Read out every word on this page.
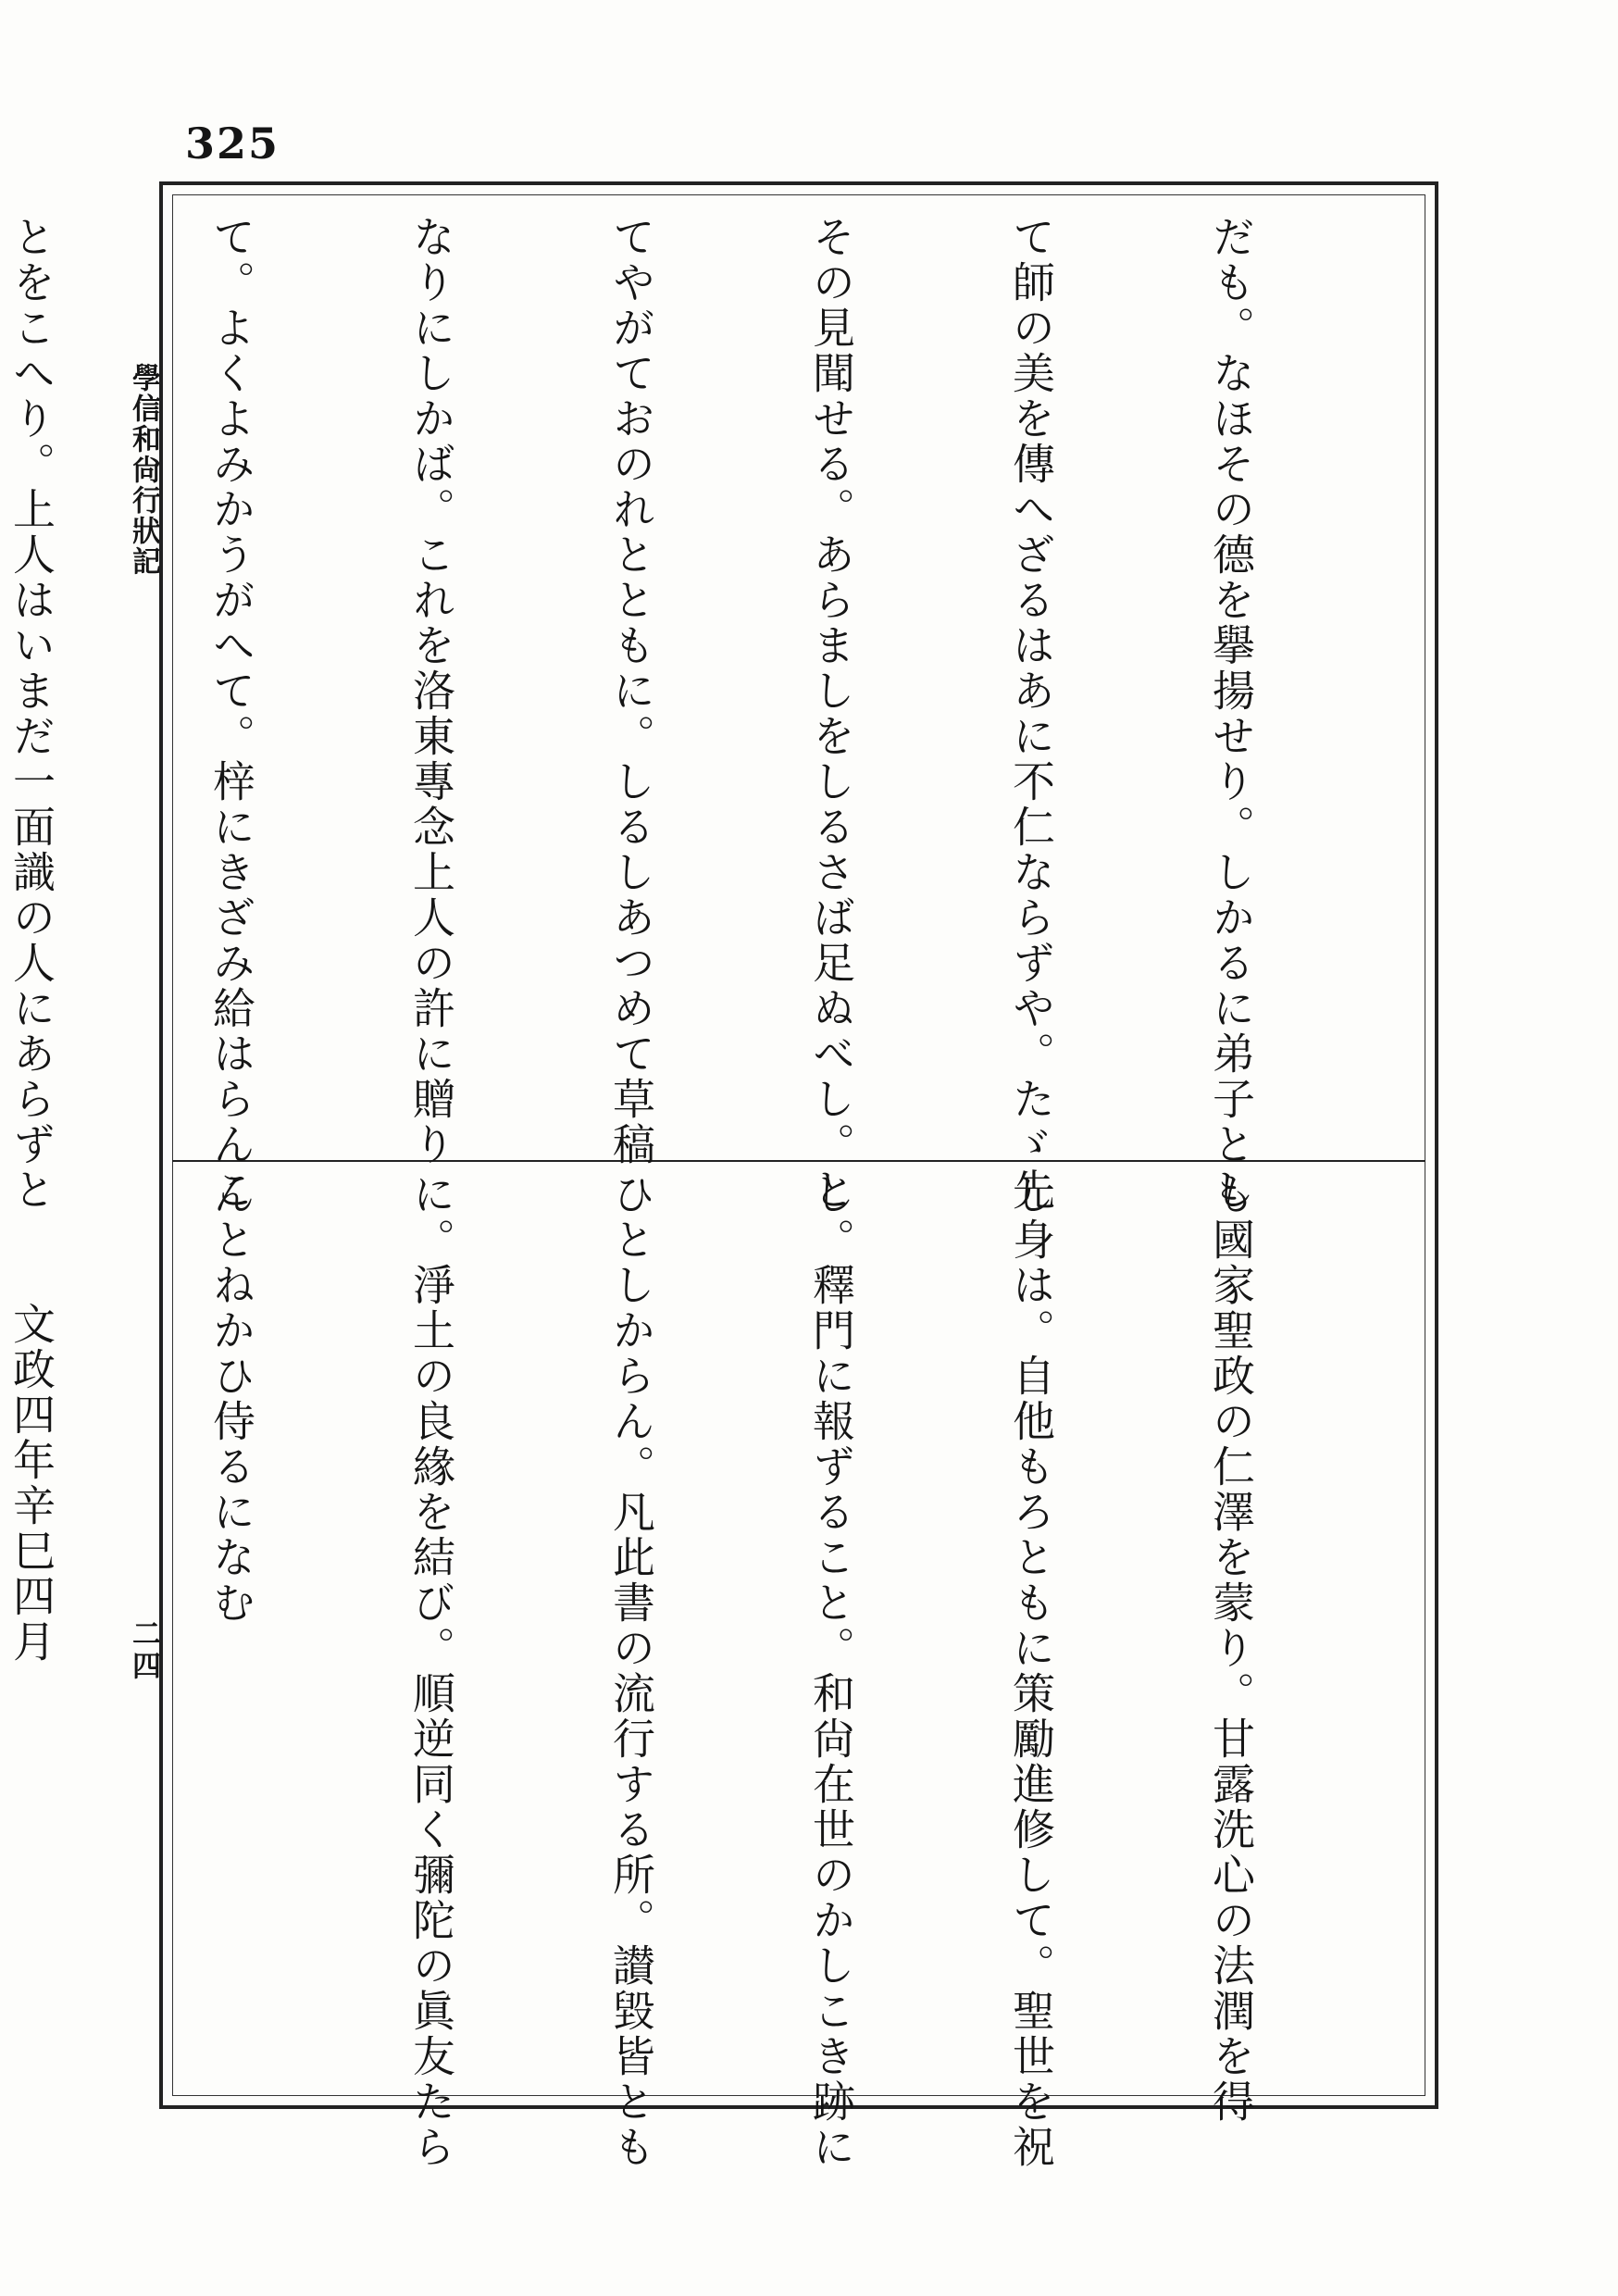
325
學信和尙行狀記
二四

だも。なほその德を擧揚せり。しかるに弟子とし

て師の美を傳へざるはあに不仁ならずや。たゞ先

その見聞せる。あらましをしるさば足ぬべし。と

てやがておのれとともに。しるしあつめて草稿

なりにしかば。これを洛東專念上人の許に贈り

て。よくよみかうがへて。梓にきざみ給はらんこ

とをこへり。上人はいまだ一面識の人にあらずと

も國家聖政の仁澤を蒙り。甘露洗心の法潤を得

し身は。自他もろともに策勵進修して。聖世を祝

し。釋門に報ずること。和尙在世のかしこき跡に

ひとしからん。凡此書の流行する所。讃毀皆とも

に。淨土の良緣を結び。順逆同く彌陀の眞友たら

んとねかひ侍るになむ

文政四年辛巳四月
